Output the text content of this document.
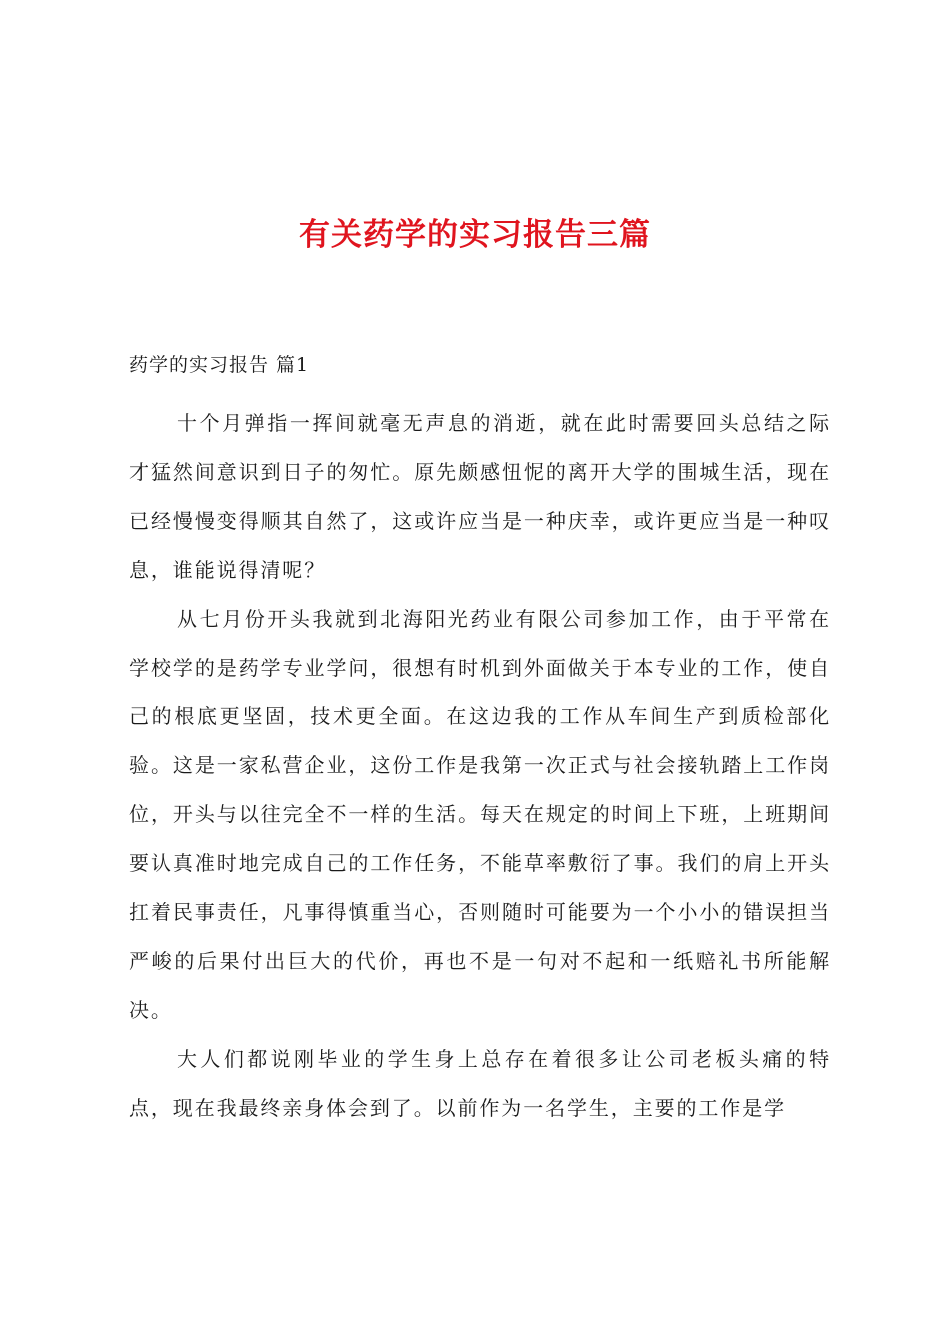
有关药学的实习报告三篇

药学的实习报告 篇1

十个月弹指一挥间就毫无声息的消逝，就在此时需要回头总结之际才猛然间意识到日子的匆忙。原先颇感忸怩的离开大学的围城生活，现在已经慢慢变得顺其自然了，这或许应当是一种庆幸，或许更应当是一种叹息，谁能说得清呢？

从七月份开头我就到北海阳光药业有限公司参加工作，由于平常在学校学的是药学专业学问，很想有时机到外面做关于本专业的工作，使自己的根底更坚固，技术更全面。在这边我的工作从车间生产到质检部化验。这是一家私营企业，这份工作是我第一次正式与社会接轨踏上工作岗位，开头与以往完全不一样的生活。每天在规定的时间上下班，上班期间要认真准时地完成自己的工作任务，不能草率敷衍了事。我们的肩上开头扛着民事责任，凡事得慎重当心，否则随时可能要为一个小小的错误担当严峻的后果付出巨大的代价，再也不是一句对不起和一纸赔礼书所能解决。

大人们都说刚毕业的学生身上总存在着很多让公司老板头痛的特点，现在我最终亲身体会到了。以前作为一名学生，主要的工作是学
